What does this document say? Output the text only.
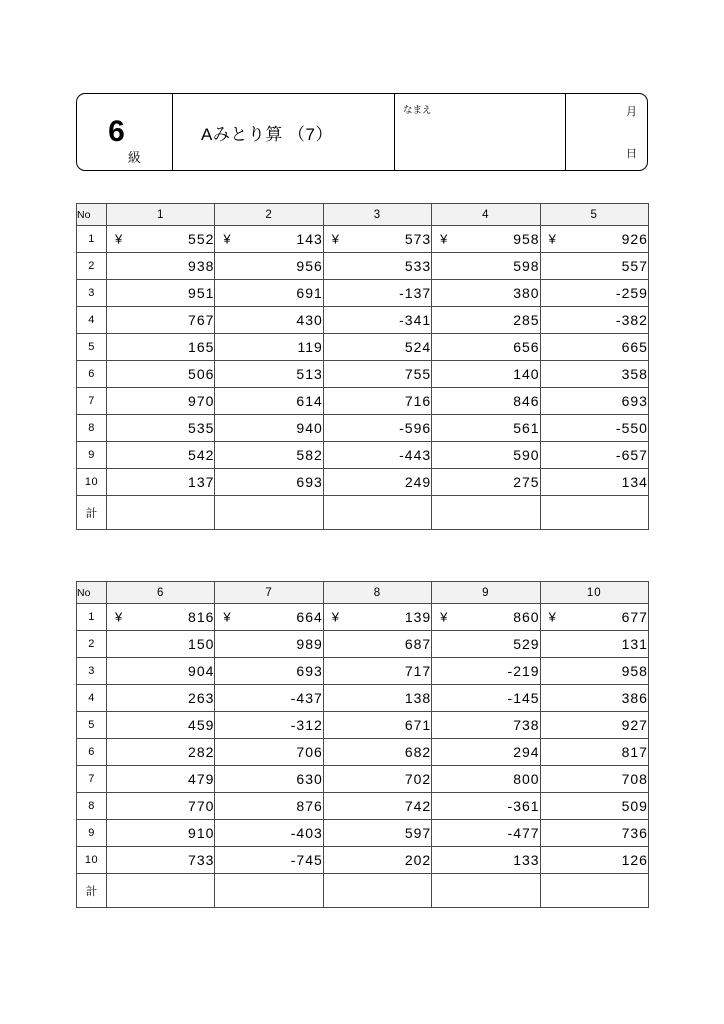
6
級
Aみとり算 （7）
なまえ	月
日
No	1	2	3	4	5
1	¥ 552	¥ 143	¥ 573	¥ 958	¥ 926
2	938	956	533	598	557
3	951	691	-137	380	-259
4	767	430	-341	285	-382
5	165	119	524	656	665
6	506	513	755	140	358
7	970	614	716	846	693
8	535	940	-596	561	-550
9	542	582	-443	590	-657
10	137	693	249	275	134
計					
No	6	7	8	9	10
1	¥ 816	¥ 664	¥ 139	¥ 860	¥ 677
2	150	989	687	529	131
3	904	693	717	-219	958
4	263	-437	138	-145	386
5	459	-312	671	738	927
6	282	706	682	294	817
7	479	630	702	800	708
8	770	876	742	-361	509
9	910	-403	597	-477	736
10	733	-745	202	133	126
計					
